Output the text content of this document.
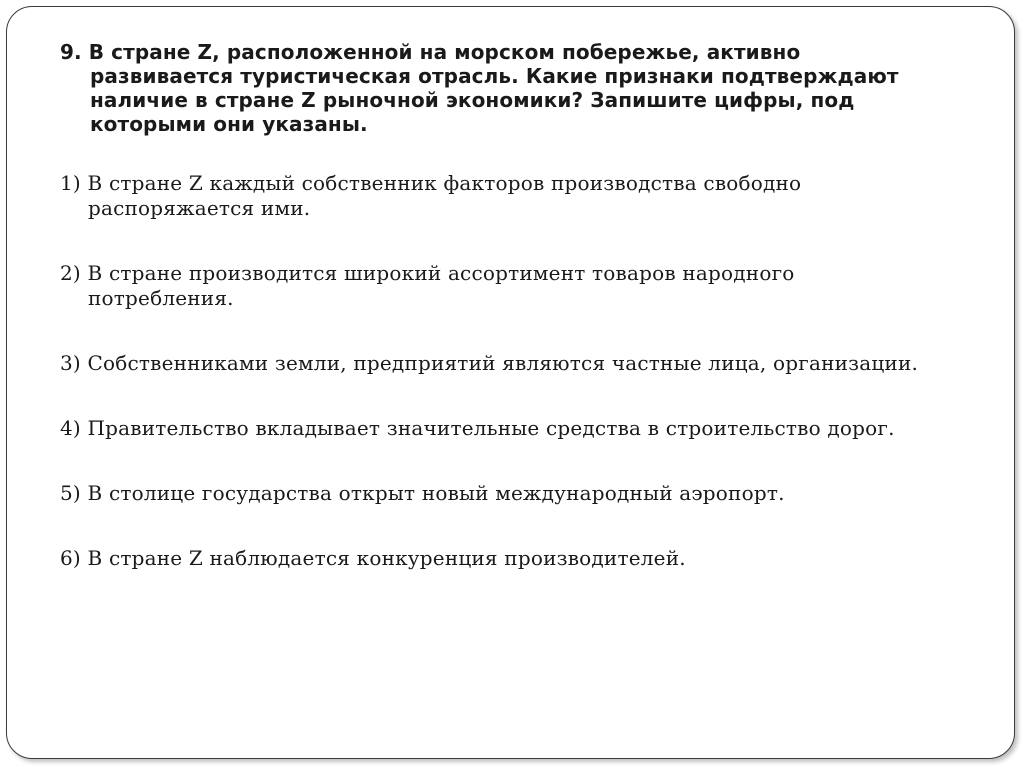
9. В стране Z, расположенной на морском побережье, активно развивается туристическая отрасль. Какие признаки подтверждают наличие в стране Z рыночной экономики? Запишите цифры, под которыми они указаны.

1) В стране Z каждый собственник факторов производства свободно распоряжается ими.

2) В стране производится широкий ассортимент товаров народного потребления.

3) Собственниками земли, предприятий являются частные лица, организации.

4) Правительство вкладывает значительные средства в строительство дорог.

5) В столице государства открыт новый международный аэропорт.

6) В стране Z наблюдается конкуренция производителей.
